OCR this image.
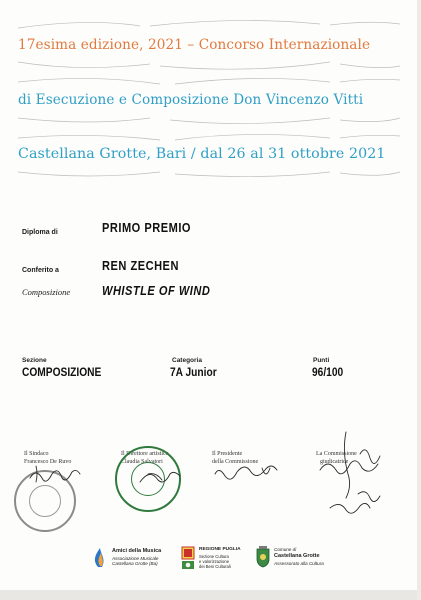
17esima edizione, 2021 – Concorso Internazionale
di Esecuzione e Composizione Don Vincenzo Vitti
Castellana Grotte, Bari / dal 26 al 31 ottobre 2021
Diploma di	PRIMO PREMIO
Conferito a	REN ZECHEN
Composizione WHISTLE OF WIND
Sezione
COMPOSIZIONE
Categoria
7A Junior
Punti
96/100
Il Sindaco
Francesco De Ruvo
Il Direttore artistico
Claudia Salvatori
Il Presidente
della Commissione
La Commissione
giudicatrice
Amici della Musica
Associazione Musicale
Castellana Grotte (Ba)
REGIONE PUGLIA
Sezione Cultura
e valorizzazione
dei Beni Culturali
Comune di
Castellana Grotte
Assessorato alla Cultura
